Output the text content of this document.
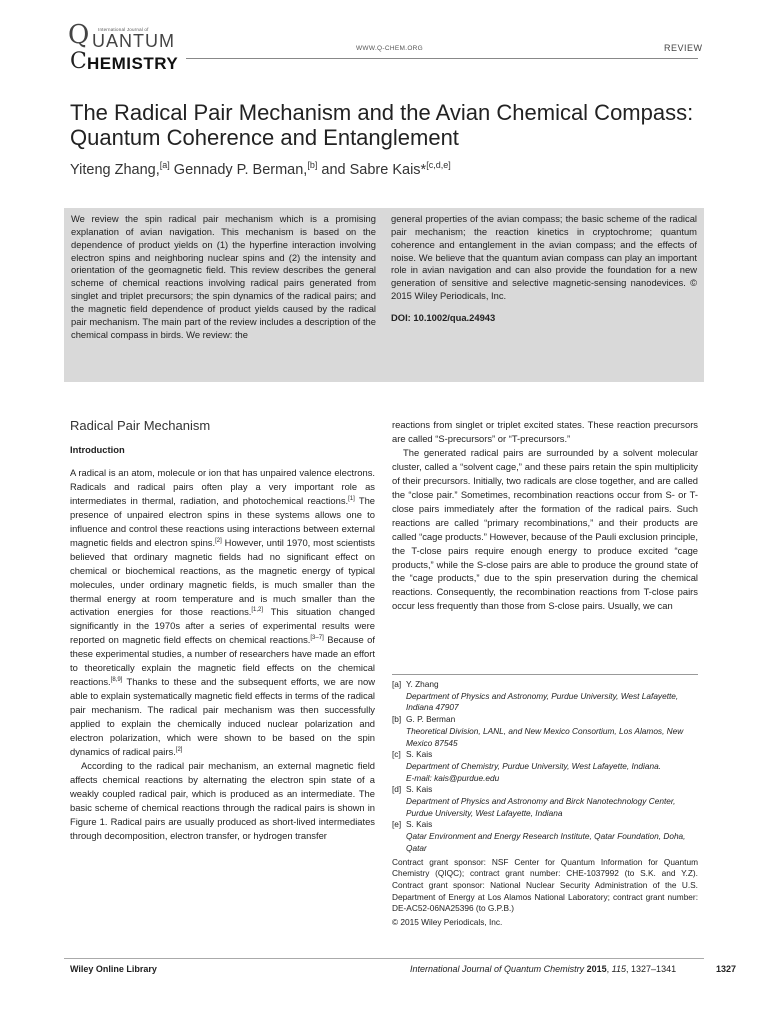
International Journal of
Q UANTUM
C HEMISTRY
WWW.Q-CHEM.ORG	REVIEW
The Radical Pair Mechanism and the Avian Chemical Compass: Quantum Coherence and Entanglement
Yiteng Zhang,[a] Gennady P. Berman,[b] and Sabre Kais*[c,d,e]
We review the spin radical pair mechanism which is a promising explanation of avian navigation. This mechanism is based on the dependence of product yields on (1) the hyperfine interaction involving electron spins and neighboring nuclear spins and (2) the intensity and orientation of the geomagnetic field. This review describes the general scheme of chemical reactions involving radical pairs generated from singlet and triplet precursors; the spin dynamics of the radical pairs; and the magnetic field dependence of product yields caused by the radical pair mechanism. The main part of the review includes a description of the chemical compass in birds. We review: the
general properties of the avian compass; the basic scheme of the radical pair mechanism; the reaction kinetics in cryptochrome; quantum coherence and entanglement in the avian compass; and the effects of noise. We believe that the quantum avian compass can play an important role in avian navigation and can also provide the foundation for a new generation of sensitive and selective magnetic-sensing nanodevices. © 2015 Wiley Periodicals, Inc.
DOI: 10.1002/qua.24943

Radical Pair Mechanism

Introduction

A radical is an atom, molecule or ion that has unpaired valence electrons. Radicals and radical pairs often play a very important role as intermediates in thermal, radiation, and photochemical reactions.[1] The presence of unpaired electron spins in these systems allows one to influence and control these reactions using interactions between external magnetic fields and electron spins.[2] However, until 1970, most scientists believed that ordinary magnetic fields had no significant effect on chemical or biochemical reactions, as the magnetic energy of typical molecules, under ordinary magnetic fields, is much smaller than the thermal energy at room temperature and is much smaller than the activation energies for those reactions.[1,2] This situation changed significantly in the 1970s after a series of experimental results were reported on magnetic field effects on chemical reactions.[3–7] Because of these experimental studies, a number of researchers have made an effort to theoretically explain the magnetic field effects on the chemical reactions.[8,9] Thanks to these and the subsequent efforts, we are now able to explain systematically magnetic field effects in terms of the radical pair mechanism. The radical pair mechanism was then successfully applied to explain the chemically induced nuclear polarization and electron polarization, which were shown to be based on the spin dynamics of radical pairs.[2]

According to the radical pair mechanism, an external magnetic field affects chemical reactions by alternating the electron spin state of a weakly coupled radical pair, which is produced as an intermediate. The basic scheme of chemical reactions through the radical pairs is shown in Figure 1. Radical pairs are usually produced as short-lived intermediates through decomposition, electron transfer, or hydrogen transfer

reactions from singlet or triplet excited states. These reaction precursors are called “S-precursors” or “T-precursors.”

The generated radical pairs are surrounded by a solvent molecular cluster, called a “solvent cage,” and these pairs retain the spin multiplicity of their precursors. Initially, two radicals are close together, and are called the “close pair.” Sometimes, recombination reactions occur from S- or T-close pairs immediately after the formation of the radical pairs. Such reactions are called “primary recombinations,” and their products are called “cage products.” However, because of the Pauli exclusion principle, the T-close pairs require enough energy to produce excited “cage products,” while the S-close pairs are able to produce the ground state of the “cage products,” due to the spin preservation during the chemical reactions. Consequently, the recombination reactions from T-close pairs occur less frequently than those from S-close pairs. Usually, we can

[a] Y. Zhang
Department of Physics and Astronomy, Purdue University, West Lafayette, Indiana 47907
[b] G. P. Berman
Theoretical Division, LANL, and New Mexico Consortium, Los Alamos, New Mexico 87545
[c] S. Kais
Department of Chemistry, Purdue University, West Lafayette, Indiana.
E-mail: kais@purdue.edu
[d] S. Kais
Department of Physics and Astronomy and Birck Nanotechnology Center, Purdue University, West Lafayette, Indiana
[e] S. Kais
Qatar Environment and Energy Research Institute, Qatar Foundation, Doha, Qatar
Contract grant sponsor: NSF Center for Quantum Information for Quantum Chemistry (QIQC); contract grant number: CHE-1037992 (to S.K. and Y.Z). Contract grant sponsor: National Nuclear Security Administration of the U.S. Department of Energy at Los Alamos National Laboratory; contract grant number: DE-AC52-06NA25396 (to G.P.B.)
© 2015 Wiley Periodicals, Inc.
Wiley Online Library	International Journal of Quantum Chemistry 2015, 115, 1327–1341	1327
